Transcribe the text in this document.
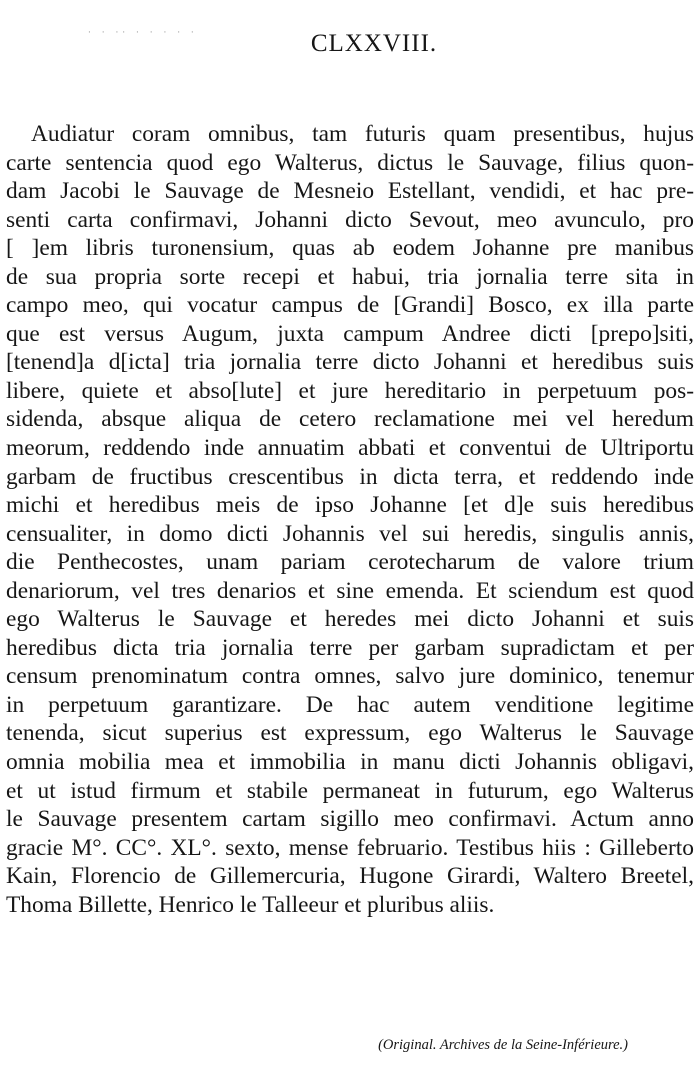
· · ·· · · · · ·	CLXXVIII.
Audiatur coram omnibus, tam futuris quam presentibus, hujus
carte sentencia quod ego Walterus, dictus le Sauvage, filius quon-
dam Jacobi le Sauvage de Mesneio Estellant, vendidi, et hac pre-
senti carta confirmavi, Johanni dicto Sevout, meo avunculo, pro
[ ]em libris turonensium, quas ab eodem Johanne pre manibus
de sua propria sorte recepi et habui, tria jornalia terre sita in
campo meo, qui vocatur campus de [Grandi] Bosco, ex illa parte
que est versus Augum, juxta campum Andree dicti [prepo]siti,
[tenend]a d[icta] tria jornalia terre dicto Johanni et heredibus suis
libere, quiete et abso[lute] et jure hereditario in perpetuum pos-
sidenda, absque aliqua de cetero reclamatione mei vel heredum
meorum, reddendo inde annuatim abbati et conventui de Ultriportu
garbam de fructibus crescentibus in dicta terra, et reddendo inde
michi et heredibus meis de ipso Johanne [et d]e suis heredibus
censualiter, in domo dicti Johannis vel sui heredis, singulis annis,
die Penthecostes, unam pariam cerotecharum de valore trium
denariorum, vel tres denarios et sine emenda. Et sciendum est quod
ego Walterus le Sauvage et heredes mei dicto Johanni et suis
heredibus dicta tria jornalia terre per garbam supradictam et per
censum prenominatum contra omnes, salvo jure dominico, tenemur
in perpetuum garantizare. De hac autem venditione legitime
tenenda, sicut superius est expressum, ego Walterus le Sauvage
omnia mobilia mea et immobilia in manu dicti Johannis obligavi,
et ut istud firmum et stabile permaneat in futurum, ego Walterus
le Sauvage presentem cartam sigillo meo confirmavi. Actum anno
gracie M°. CC°. XL°. sexto, mense februario. Testibus hiis : Gilleberto
Kain, Florencio de Gillemercuria, Hugone Girardi, Waltero Breetel,
Thoma Billette, Henrico le Talleeur et pluribus aliis.
(Original. Archives de la Seine-Inférieure.)
